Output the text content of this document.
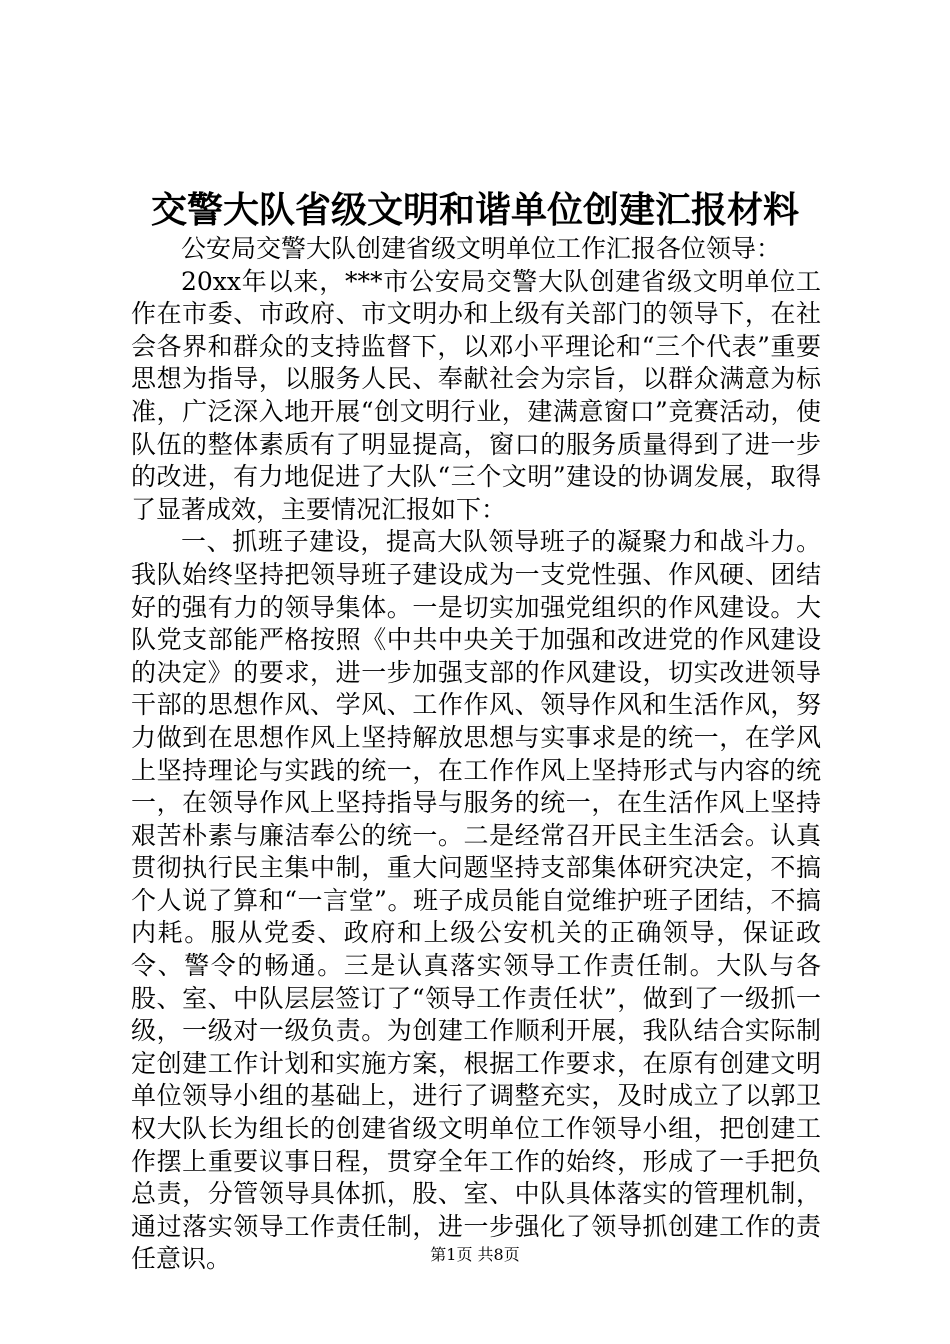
交警大队省级文明和谐单位创建汇报材料

公安局交警大队创建省级文明单位工作汇报各位领导：

20xx年以来，***市公安局交警大队创建省级文明单位工作在市委、市政府、市文明办和上级有关部门的领导下，在社会各界和群众的支持监督下，以邓小平理论和“三个代表”重要思想为指导，以服务人民、奉献社会为宗旨，以群众满意为标准，广泛深入地开展“创文明行业，建满意窗口”竞赛活动，使队伍的整体素质有了明显提高，窗口的服务质量得到了进一步的改进，有力地促进了大队“三个文明”建设的协调发展，取得了显著成效，主要情况汇报如下：

一、抓班子建设，提高大队领导班子的凝聚力和战斗力。我队始终坚持把领导班子建设成为一支党性强、作风硬、团结好的强有力的领导集体。一是切实加强党组织的作风建设。大队党支部能严格按照《中共中央关于加强和改进党的作风建设的决定》的要求，进一步加强支部的作风建设，切实改进领导干部的思想作风、学风、工作作风、领导作风和生活作风，努力做到在思想作风上坚持解放思想与实事求是的统一，在学风上坚持理论与实践的统一，在工作作风上坚持形式与内容的统一，在领导作风上坚持指导与服务的统一，在生活作风上坚持艰苦朴素与廉洁奉公的统一。二是经常召开民主生活会。认真贯彻执行民主集中制，重大问题坚持支部集体研究决定，不搞个人说了算和“一言堂”。班子成员能自觉维护班子团结，不搞内耗。服从党委、政府和上级公安机关的正确领导，保证政令、警令的畅通。三是认真落实领导工作责任制。大队与各股、室、中队层层签订了“领导工作责任状”，做到了一级抓一级，一级对一级负责。为创建工作顺利开展，我队结合实际制定创建工作计划和实施方案，根据工作要求，在原有创建文明单位领导小组的基础上，进行了调整充实，及时成立了以郭卫权大队长为组长的创建省级文明单位工作领导小组，把创建工作摆上重要议事日程，贯穿全年工作的始终，形成了一手把负总责，分管领导具体抓，股、室、中队具体落实的管理机制，通过落实领导工作责任制，进一步强化了领导抓创建工作的责任意识。	第1页 共8页
